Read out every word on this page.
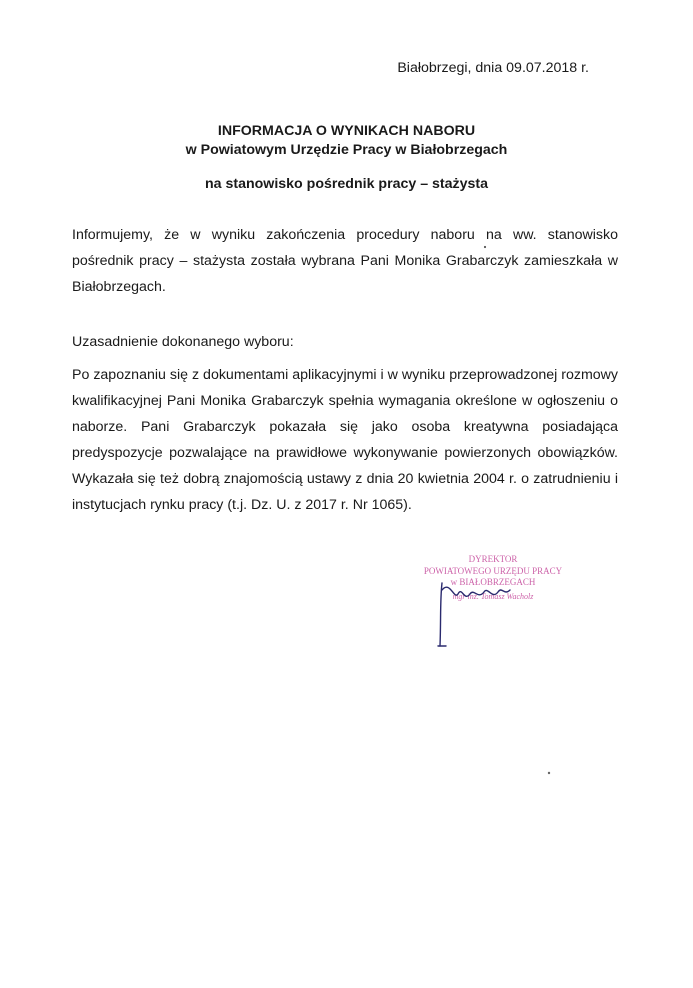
Białobrzegi, dnia 09.07.2018 r.
INFORMACJA O WYNIKACH NABORU
w Powiatowym Urzędzie Pracy w Białobrzegach
na stanowisko pośrednik pracy – stażysta

Informujemy, że w wyniku zakończenia procedury naboru na ww. stanowisko pośrednik pracy – stażysta została wybrana Pani Monika Grabarczyk zamieszkała w Białobrzegach.

Uzasadnienie dokonanego wyboru:

Po zapoznaniu się z dokumentami aplikacyjnymi i w wyniku przeprowadzonej rozmowy kwalifikacyjnej Pani Monika Grabarczyk spełnia wymagania określone w ogłoszeniu o naborze. Pani Grabarczyk pokazała się jako osoba kreatywna posiadająca predyspozycje pozwalające na prawidłowe wykonywanie powierzonych obowiązków. Wykazała się też dobrą znajomością ustawy z dnia 20 kwietnia 2004 r. o zatrudnieniu i instytucjach rynku pracy (t.j. Dz. U. z 2017 r. Nr 1065).

DYREKTOR
POWIATOWEGO URZĘDU PRACY
w BIAŁOBRZEGACH
mgr inż. Tomasz Wacholz
